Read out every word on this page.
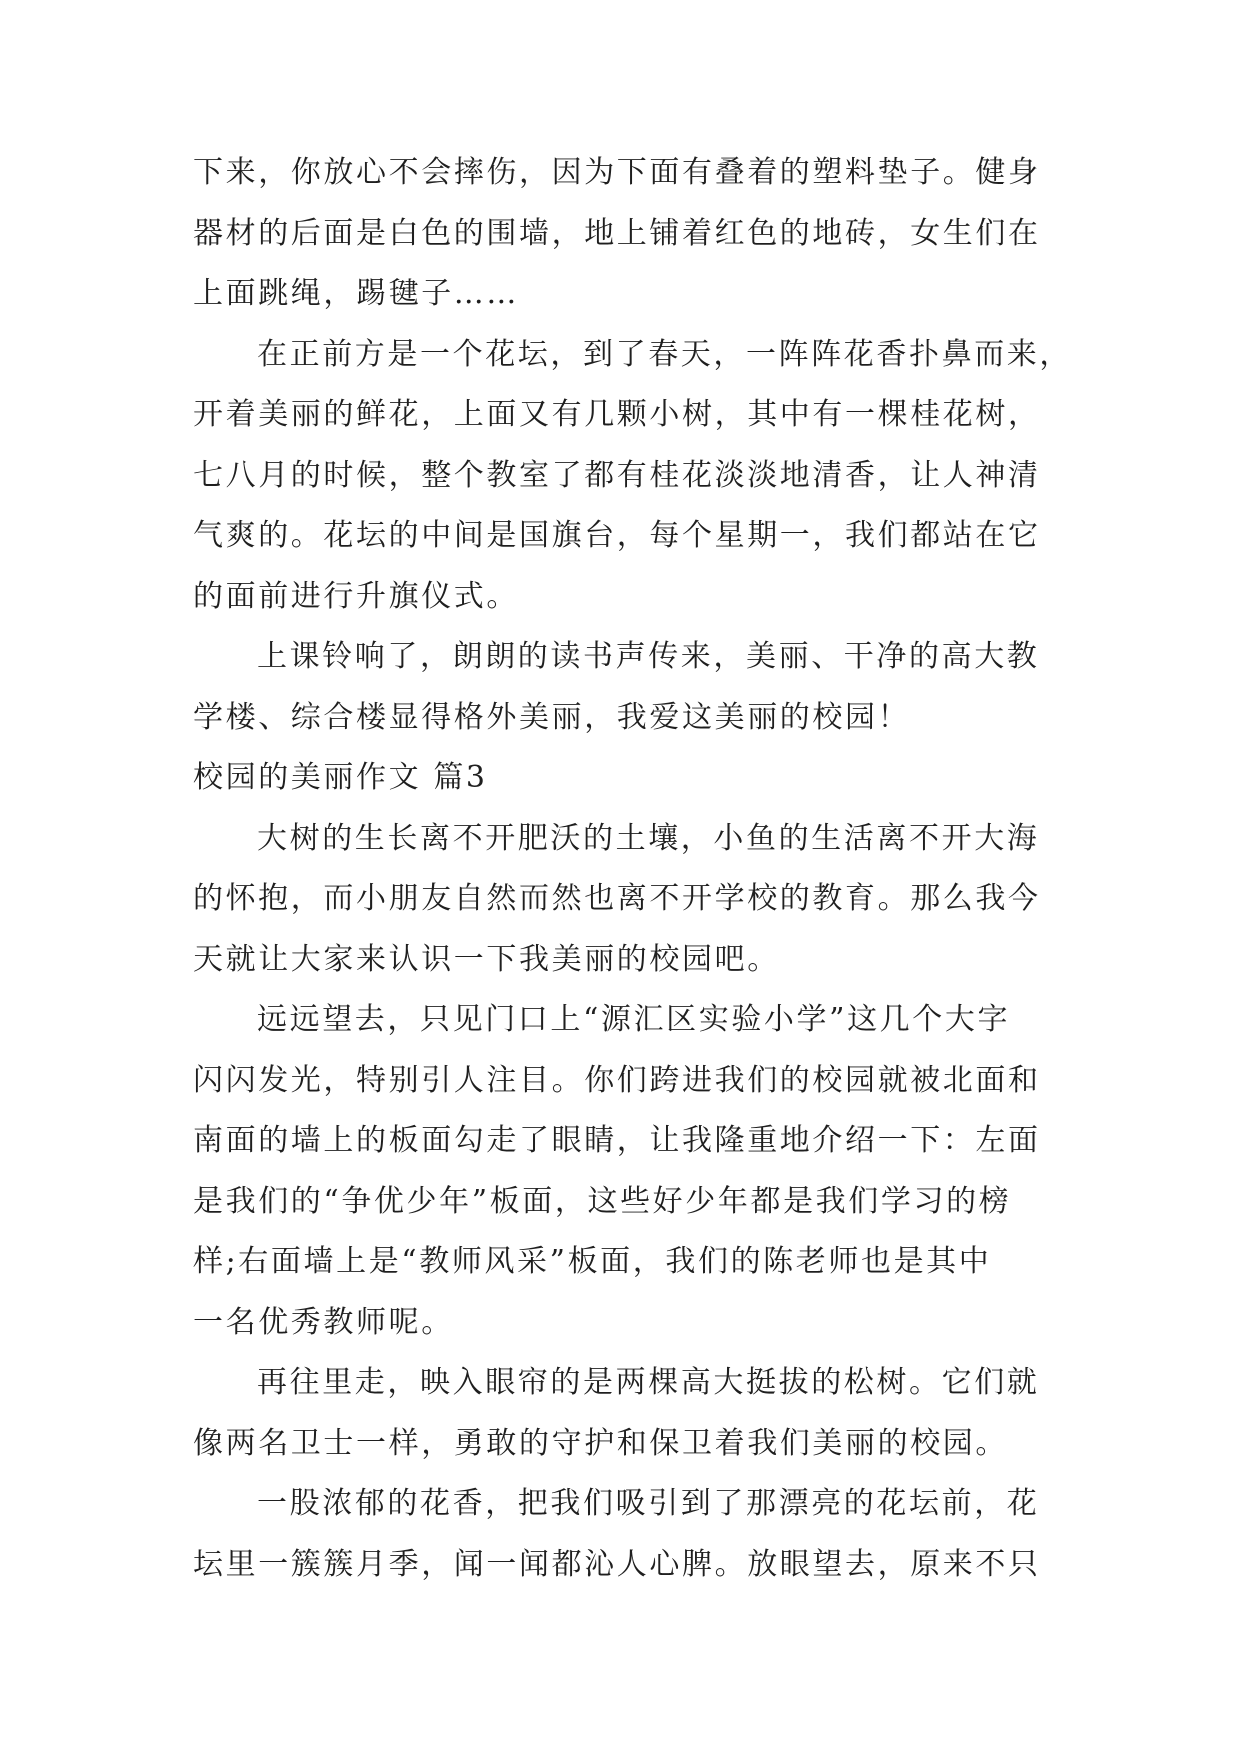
下来，你放心不会摔伤，因为下面有叠着的塑料垫子。健身
器材的后面是白色的围墙，地上铺着红色的地砖，女生们在
上面跳绳，踢毽子……
在正前方是一个花坛，到了春天，一阵阵花香扑鼻而来，
开着美丽的鲜花，上面又有几颗小树，其中有一棵桂花树，
七八月的时候，整个教室了都有桂花淡淡地清香，让人神清
气爽的。花坛的中间是国旗台，每个星期一，我们都站在它
的面前进行升旗仪式。
上课铃响了，朗朗的读书声传来，美丽、干净的高大教
学楼、综合楼显得格外美丽，我爱这美丽的校园！
校园的美丽作文 篇3
大树的生长离不开肥沃的土壤，小鱼的生活离不开大海
的怀抱，而小朋友自然而然也离不开学校的教育。那么我今
天就让大家来认识一下我美丽的校园吧。
远远望去，只见门口上“源汇区实验小学”这几个大字
闪闪发光，特别引人注目。你们跨进我们的校园就被北面和
南面的墙上的板面勾走了眼睛，让我隆重地介绍一下：左面
是我们的“争优少年”板面，这些好少年都是我们学习的榜
样;右面墙上是“教师风采”板面，我们的陈老师也是其中
一名优秀教师呢。
再往里走，映入眼帘的是两棵高大挺拔的松树。它们就
像两名卫士一样，勇敢的守护和保卫着我们美丽的校园。
一股浓郁的花香，把我们吸引到了那漂亮的花坛前，花
坛里一簇簇月季，闻一闻都沁人心脾。放眼望去，原来不只
